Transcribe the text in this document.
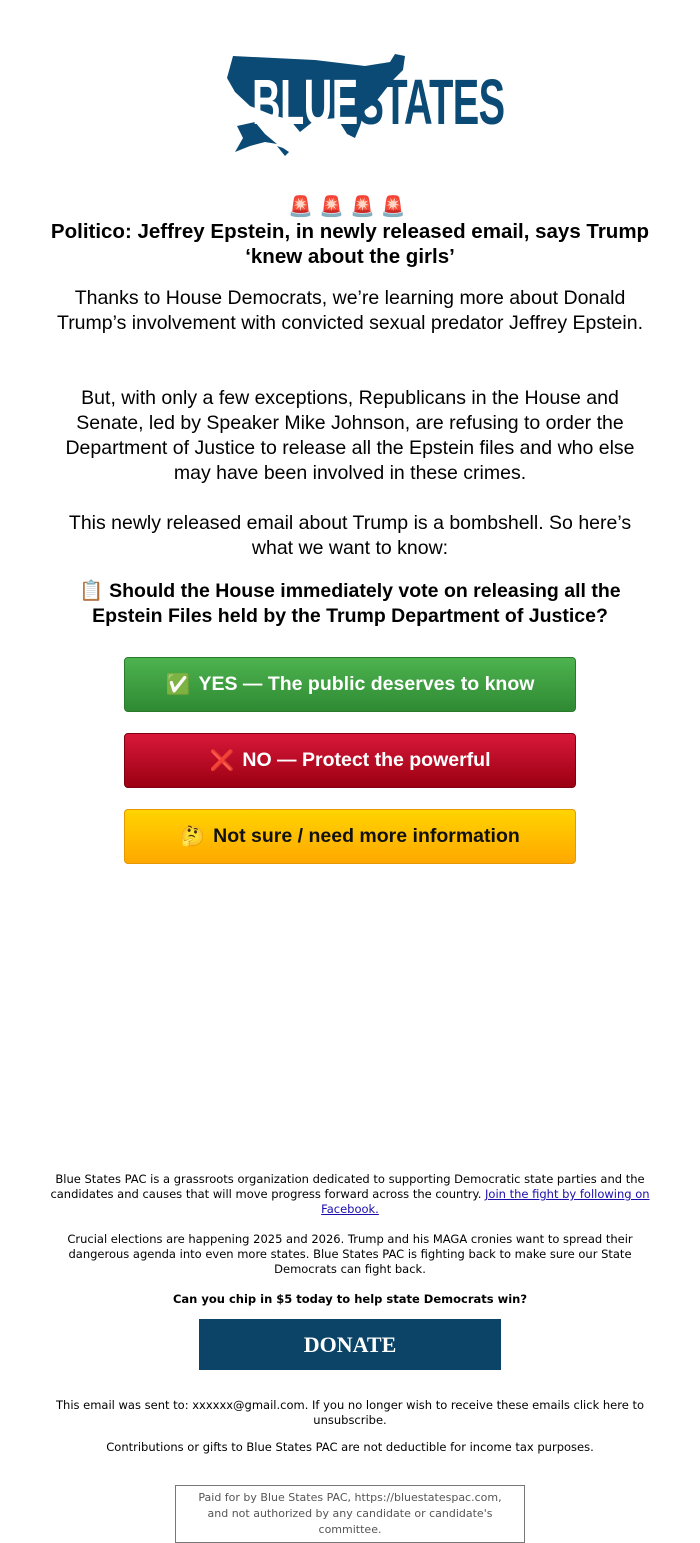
BLUESTATES
🚨🚨🚨🚨
Politico: Jeffrey Epstein, in newly released email, says Trump ‘knew about the girls’
Thanks to House Democrats, we’re learning more about Donald Trump’s involvement with convicted sexual predator Jeffrey Epstein.
But, with only a few exceptions, Republicans in the House and Senate, led by Speaker Mike Johnson, are refusing to order the Department of Justice to release all the Epstein files and who else may have been involved in these crimes.
This newly released email about Trump is a bombshell. So here’s what we want to know:
📋 Should the House immediately vote on releasing all the Epstein Files held by the Trump Department of Justice?
✅ YES — The public deserves to know
❌ NO — Protect the powerful
🤔 Not sure / need more information
Blue States PAC is a grassroots organization dedicated to supporting Democratic state parties and the candidates and causes that will move progress forward across the country. Join the fight by following on Facebook.
Crucial elections are happening 2025 and 2026. Trump and his MAGA cronies want to spread their dangerous agenda into even more states. Blue States PAC is fighting back to make sure our State Democrats can fight back.
Can you chip in $5 today to help state Democrats win?
DONATE
This email was sent to: xxxxxx@gmail.com. If you no longer wish to receive these emails click here to unsubscribe.
Contributions or gifts to Blue States PAC are not deductible for income tax purposes.
Paid for by Blue States PAC, https://bluestatespac.com, and not authorized by any candidate or candidate's committee.
